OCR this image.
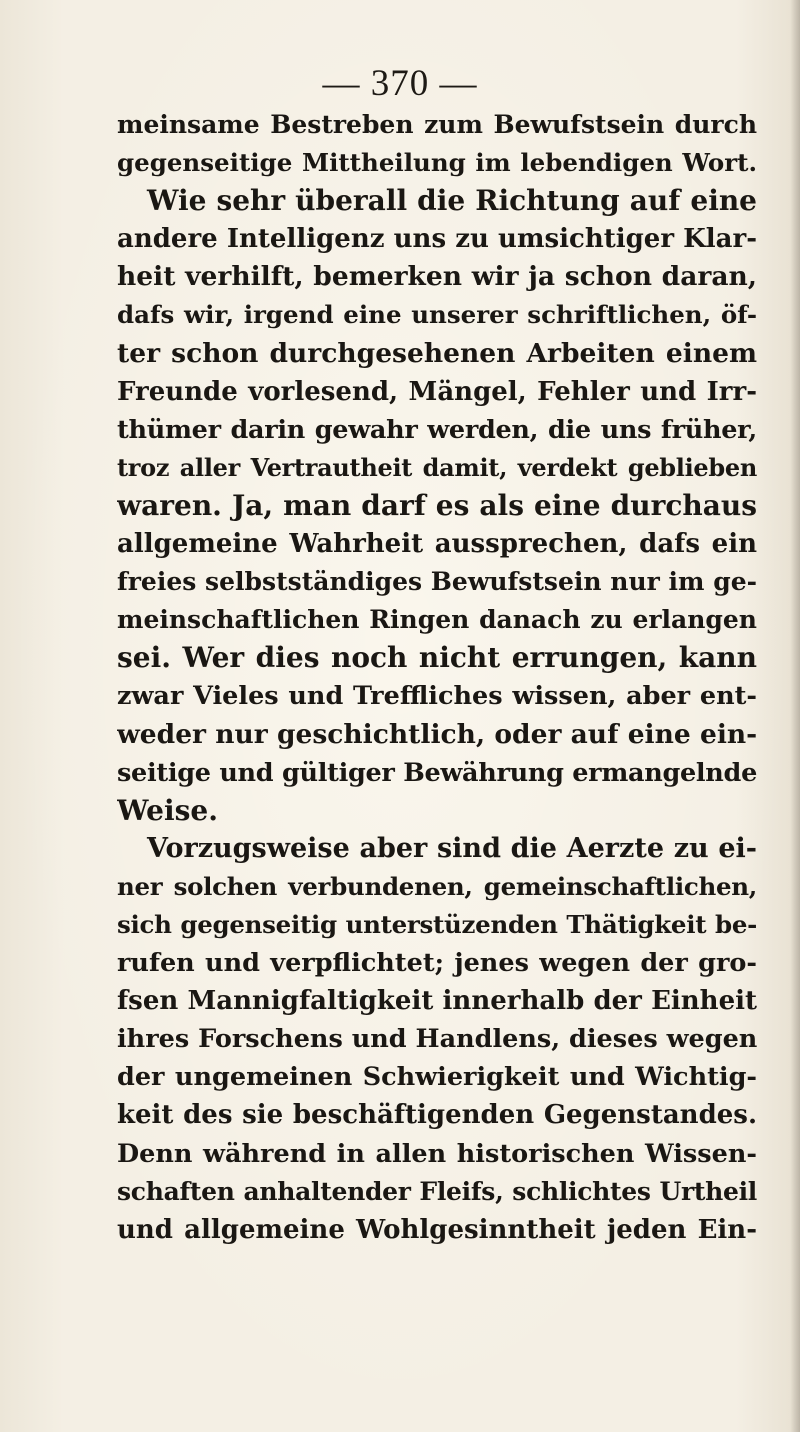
— 370 —
meinsame Bestreben zum Bewufstsein durch
gegenseitige Mittheilung im lebendigen Wort.
Wie sehr überall die Richtung auf eine
andere Intelligenz uns zu umsichtiger Klar-
heit verhilft, bemerken wir ja schon daran,
dafs wir, irgend eine unserer schriftlichen, öf-
ter schon durchgesehenen Arbeiten einem
Freunde vorlesend, Mängel, Fehler und Irr-
thümer darin gewahr werden, die uns früher,
troz aller Vertrautheit damit, verdekt geblieben
waren. Ja, man darf es als eine durchaus
allgemeine Wahrheit aussprechen, dafs ein
freies selbstständiges Bewufstsein nur im ge-
meinschaftlichen Ringen danach zu erlangen
sei. Wer dies noch nicht errungen, kann
zwar Vieles und Treffliches wissen, aber ent-
weder nur geschichtlich, oder auf eine ein-
seitige und gültiger Bewährung ermangelnde
Weise.
Vorzugsweise aber sind die Aerzte zu ei-
ner solchen verbundenen, gemeinschaftlichen,
sich gegenseitig unterstüzenden Thätigkeit be-
rufen und verpflichtet; jenes wegen der gro-
fsen Mannigfaltigkeit innerhalb der Einheit
ihres Forschens und Handlens, dieses wegen
der ungemeinen Schwierigkeit und Wichtig-
keit des sie beschäftigenden Gegenstandes.
Denn während in allen historischen Wissen-
schaften anhaltender Fleifs, schlichtes Urtheil
und allgemeine Wohlgesinntheit jeden Ein-
